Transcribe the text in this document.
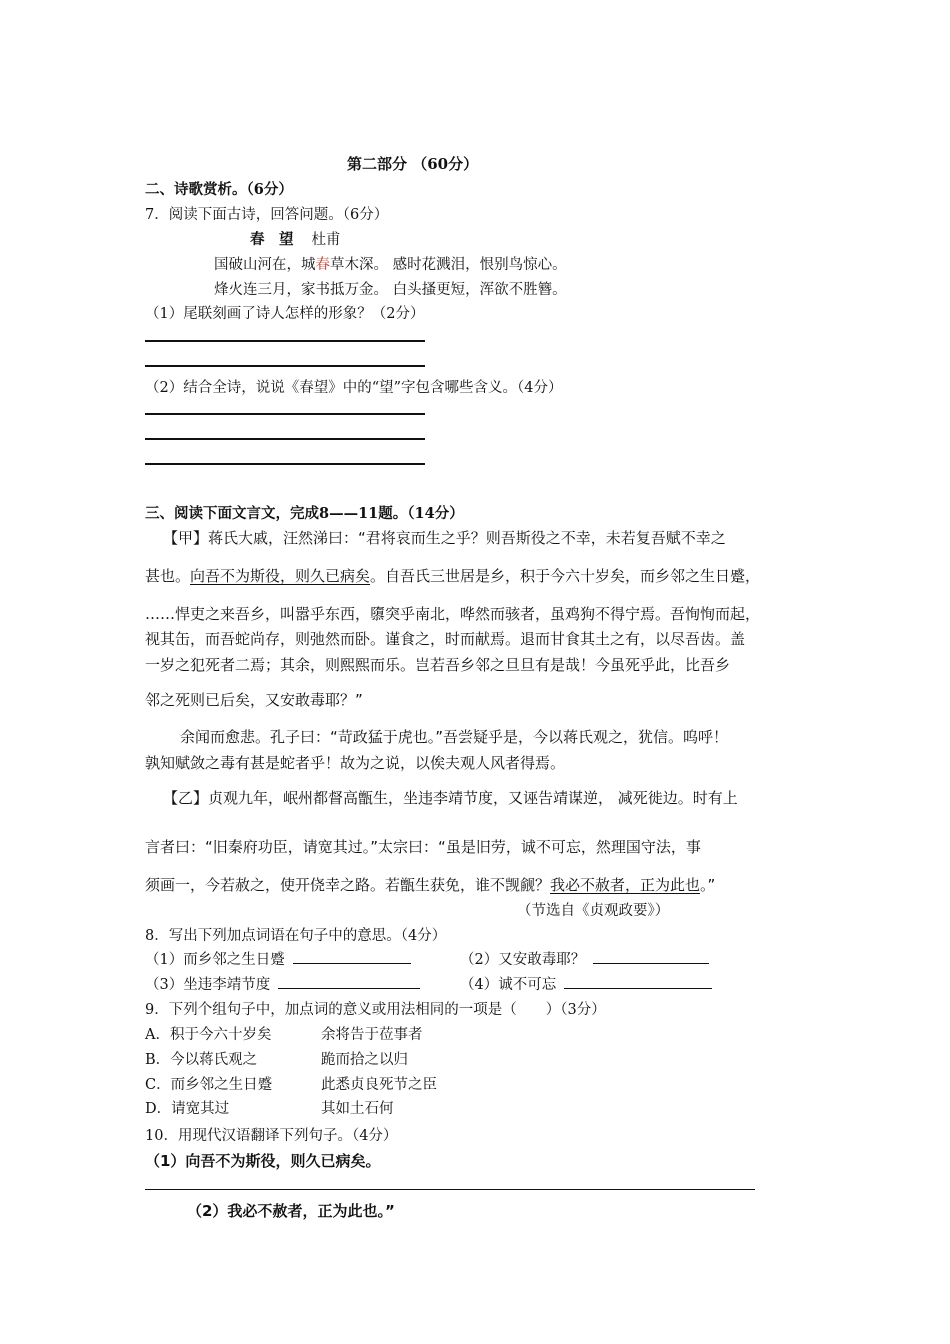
第二部分 （60分）
二、诗歌赏析。（6分）
7．阅读下面古诗，回答问题。（6分）
春　望 杜甫
国破山河在，城春草木深。 感时花溅泪，恨别鸟惊心。
烽火连三月，家书抵万金。 白头搔更短，浑欲不胜簪。
（1）尾联刻画了诗人怎样的形象？（2分）
（2）结合全诗，说说《春望》中的“望”字包含哪些含义。（4分）
三、阅读下面文言文，完成8——11题。（14分）
【甲】蒋氏大戚，汪然涕曰：“君将哀而生之乎？则吾斯役之不幸，未若复吾赋不幸之
甚也。向吾不为斯役，则久已病矣。自吾氏三世居是乡，积于今六十岁矣，而乡邻之生日蹙，
……悍吏之来吾乡，叫嚣乎东西，隳突乎南北，哗然而骇者，虽鸡狗不得宁焉。吾恂恂而起，
视其缶，而吾蛇尚存，则弛然而卧。谨食之，时而献焉。退而甘食其土之有，以尽吾齿。盖
一岁之犯死者二焉；其余，则熙熙而乐。岂若吾乡邻之旦旦有是哉！今虽死乎此，比吾乡
邻之死则已后矣，又安敢毒耶？”
余闻而愈悲。孔子曰：“苛政猛于虎也。”吾尝疑乎是，今以蒋氏观之，犹信。呜呼！
孰知赋敛之毒有甚是蛇者乎！故为之说，以俟夫观人风者得焉。
【乙】贞观九年，岷州都督高甑生，坐违李靖节度，又诬告靖谋逆， 减死徙边。时有上
言者曰：“旧秦府功臣，请宽其过。”太宗曰：“虽是旧劳，诚不可忘，然理国守法，事
须画一，今若赦之，使开侥幸之路。若甑生获免，谁不觊觎？我必不赦者，正为此也。”
（节选自《贞观政要》）
8．写出下列加点词语在句子中的意思。（4分）
（1）而乡邻之生日蹙	（2）又安敢毒耶？
（3）坐违李靖节度	（4）诚不可忘
9．下列个组句子中，加点词的意义或用法相同的一项是（　　）（3分）
A．积于今六十岁矣	余将告于莅事者
B．今以蒋氏观之	跪而拾之以归
C．而乡邻之生日蹙	此悉贞良死节之臣
D．请宽其过	其如土石何
10．用现代汉语翻译下列句子。（4分）
（1）向吾不为斯役，则久已病矣。
（2）我必不赦者，正为此也。”
